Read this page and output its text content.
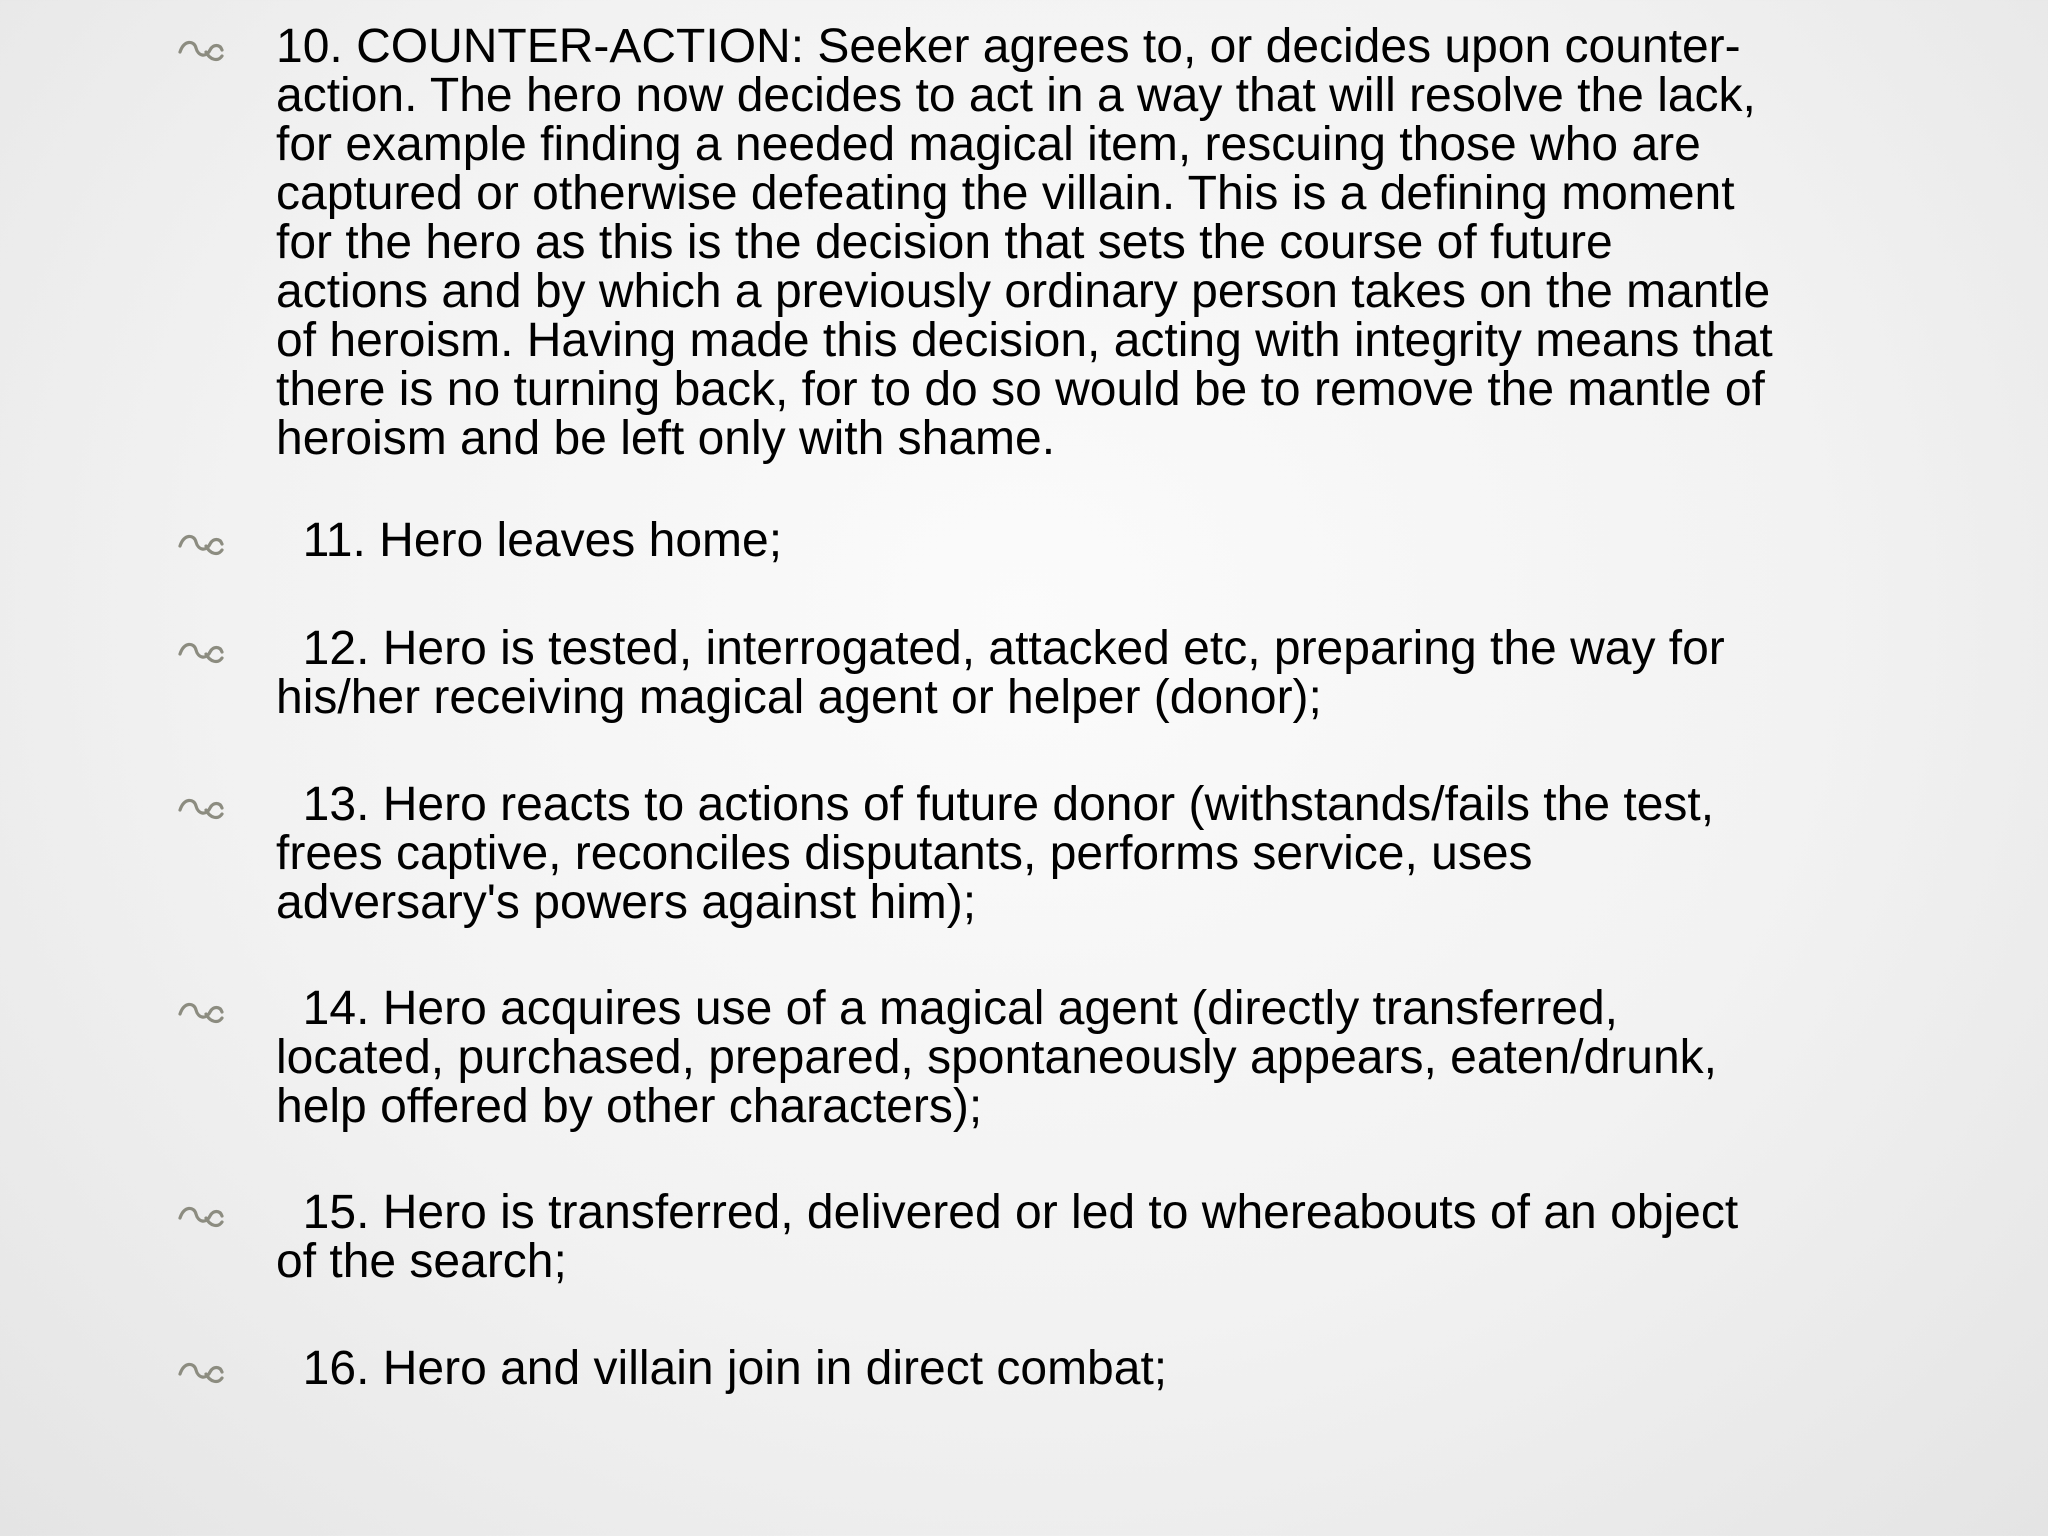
10. COUNTER-ACTION: Seeker agrees to, or decides upon counter-
action. The hero now decides to act in a way that will resolve the lack,
for example finding a needed magical item, rescuing those who are
captured or otherwise defeating the villain. This is a defining moment
for the hero as this is the decision that sets the course of future
actions and by which a previously ordinary person takes on the mantle
of heroism. Having made this decision, acting with integrity means that
there is no turning back, for to do so would be to remove the mantle of
heroism and be left only with shame.
11. Hero leaves home;
12. Hero is tested, interrogated, attacked etc, preparing the way for
his/her receiving magical agent or helper (donor);
13. Hero reacts to actions of future donor (withstands/fails the test,
frees captive, reconciles disputants, performs service, uses
adversary's powers against him);
14. Hero acquires use of a magical agent (directly transferred,
located, purchased, prepared, spontaneously appears, eaten/drunk,
help offered by other characters);
15. Hero is transferred, delivered or led to whereabouts of an object
of the search;
16. Hero and villain join in direct combat;
